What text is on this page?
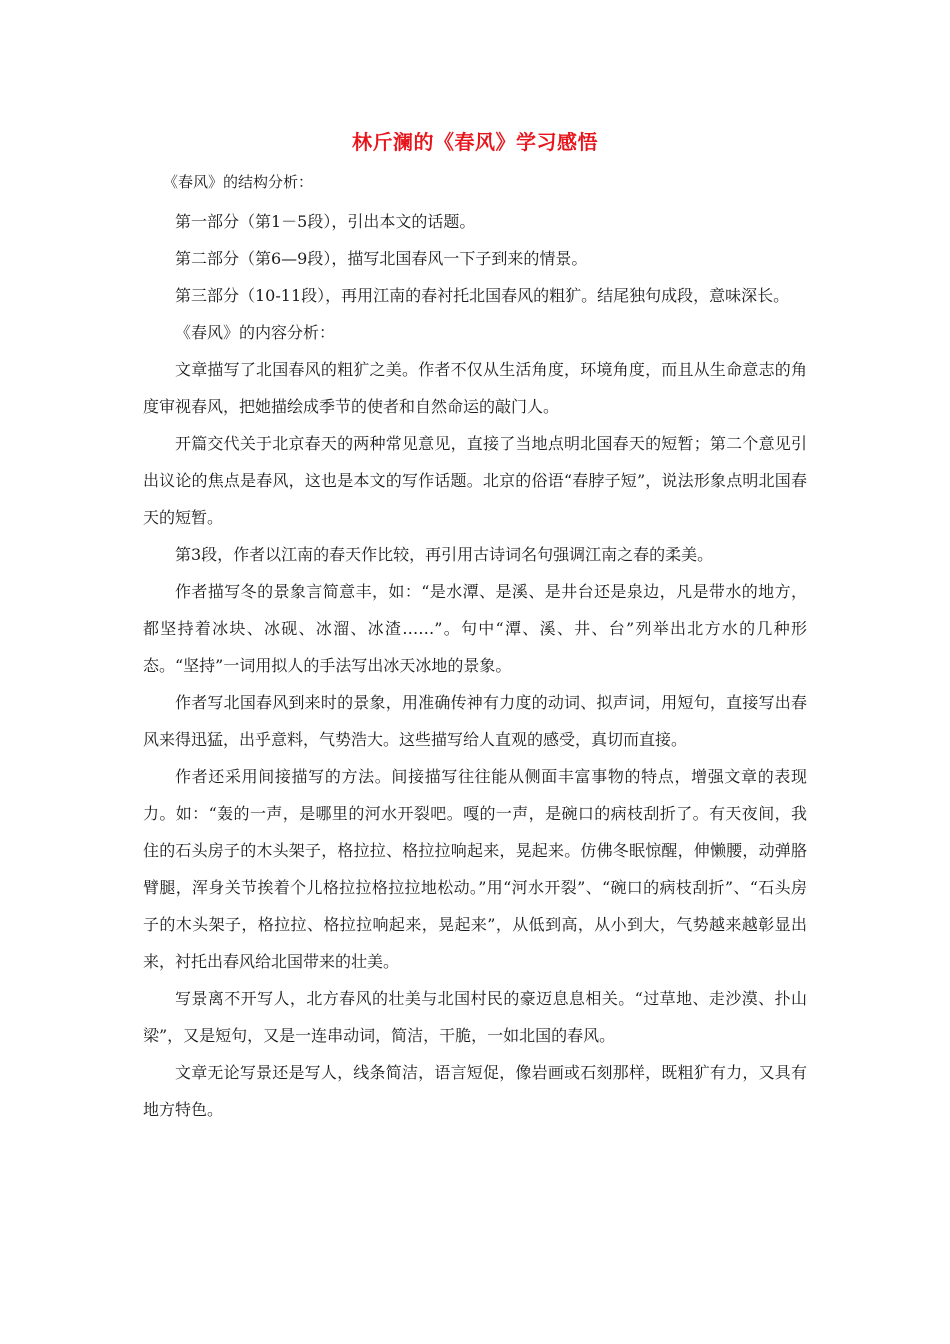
林斤澜的《春风》学习感悟

《春风》的结构分析：

第一部分（第1－5段），引出本文的话题。

第二部分（第6—9段），描写北国春风一下子到来的情景。

第三部分（10-11段），再用江南的春衬托北国春风的粗犷。结尾独句成段，意味深长。

《春风》的内容分析：

文章描写了北国春风的粗犷之美。作者不仅从生活角度，环境角度，而且从生命意志的角度审视春风，把她描绘成季节的使者和自然命运的敲门人。

开篇交代关于北京春天的两种常见意见，直接了当地点明北国春天的短暂；第二个意见引出议论的焦点是春风，这也是本文的写作话题。北京的俗语“春脖子短”，说法形象点明北国春天的短暂。

第3段，作者以江南的春天作比较，再引用古诗词名句强调江南之春的柔美。

作者描写冬的景象言简意丰，如：“是水潭、是溪、是井台还是泉边，凡是带水的地方，都坚持着冰块、冰砚、冰溜、冰渣……”。句中“潭、溪、井、台”列举出北方水的几种形态。“坚持”一词用拟人的手法写出冰天冰地的景象。

作者写北国春风到来时的景象，用准确传神有力度的动词、拟声词，用短句，直接写出春风来得迅猛，出乎意料，气势浩大。这些描写给人直观的感受，真切而直接。

作者还采用间接描写的方法。间接描写往往能从侧面丰富事物的特点，增强文章的表现力。如：“轰的一声，是哪里的河水开裂吧。嘎的一声，是碗口的病枝刮折了。有天夜间，我住的石头房子的木头架子，格拉拉、格拉拉响起来，晃起来。仿佛冬眠惊醒，伸懒腰，动弹胳臂腿，浑身关节挨着个儿格拉拉格拉拉地松动。”用“河水开裂”、“碗口的病枝刮折”、“石头房子的木头架子，格拉拉、格拉拉响起来，晃起来”，从低到高，从小到大，气势越来越彰显出来，衬托出春风给北国带来的壮美。

写景离不开写人，北方春风的壮美与北国村民的豪迈息息相关。“过草地、走沙漠、扑山梁”，又是短句，又是一连串动词，简洁，干脆，一如北国的春风。

文章无论写景还是写人，线条简洁，语言短促，像岩画或石刻那样，既粗犷有力，又具有地方特色。
